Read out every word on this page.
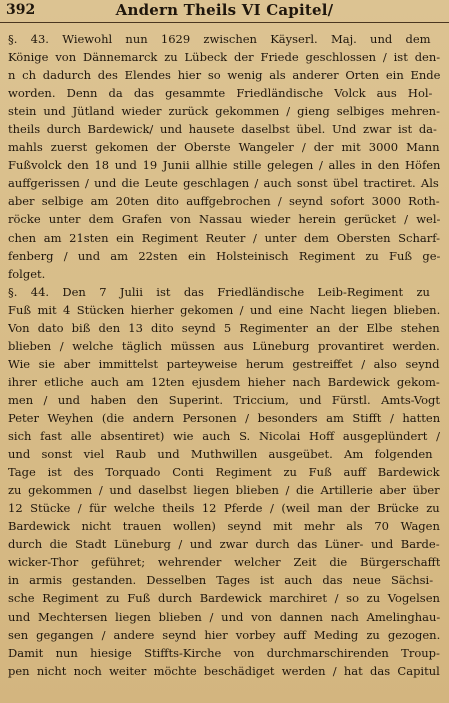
392	Andern Theils VI Capitel/
§. 43. Wiewohl nun 1629 zwischen Käyserl. Maj. und dem
Könige von Dännemarck zu Lübeck der Friede geschlossen / ist den-
n ch dadurch des Elendes hier so wenig als anderer Orten ein Ende
worden. Denn da das gesammte Friedländische Volck aus Hol-
stein und Jütland wieder zurück gekommen / gieng selbiges mehren-
theils durch Bardewick/ und hausete daselbst übel. Und zwar ist da-
mahls zuerst gekomen der Oberste Wangeler / der mit 3000 Mann
Fußvolck den 18 und 19 Junii allhie stille gelegen / alles in den Höfen
auffgerissen / und die Leute geschlagen / auch sonst übel tractiret. Als
aber selbige am 20ten dito auffgebrochen / seynd sofort 3000 Roth-
röcke unter dem Grafen von Nassau wieder herein gerücket / wel-
chen am 21sten ein Regiment Reuter / unter dem Obersten Scharf-
fenberg / und am 22sten ein Holsteinisch Regiment zu Fuß ge-
folget.
§. 44. Den 7 Julii ist das Friedländische Leib-Regiment zu
Fuß mit 4 Stücken hierher gekomen / und eine Nacht liegen blieben.
Von dato biß den 13 dito seynd 5 Regimenter an der Elbe stehen
blieben / welche täglich müssen aus Lüneburg provantiret werden.
Wie sie aber immittelst parteyweise herum gestreiffet / also seynd
ihrer etliche auch am 12ten ejusdem hieher nach Bardewick gekom-
men / und haben den Superint. Triccium, und Fürstl. Amts-Vogt
Peter Weyhen (die andern Personen / besonders am Stifft / hatten
sich fast alle absentiret) wie auch S. Nicolai Hoff ausgeplündert /
und sonst viel Raub und Muthwillen ausgeübet. Am folgenden
Tage ist des Torquado Conti Regiment zu Fuß auff Bardewick
zu gekommen / und daselbst liegen blieben / die Artillerie aber über
12 Stücke / für welche theils 12 Pferde / (weil man der Brücke zu
Bardewick nicht trauen wollen) seynd mit mehr als 70 Wagen
durch die Stadt Lüneburg / und zwar durch das Lüner- und Barde-
wicker-Thor geführet; wehrender welcher Zeit die Bürgerschafft
in armis gestanden. Desselben Tages ist auch das neue Sächsi-
sche Regiment zu Fuß durch Bardewick marchiret / so zu Vogelsen
und Mechtersen liegen blieben / und von dannen nach Amelinghau-
sen gegangen / andere seynd hier vorbey auff Meding zu gezogen.
Damit nun hiesige Stiffts-Kirche von durchmarschirenden Troup-
pen nicht noch weiter möchte beschädiget werden / hat das Capitul
